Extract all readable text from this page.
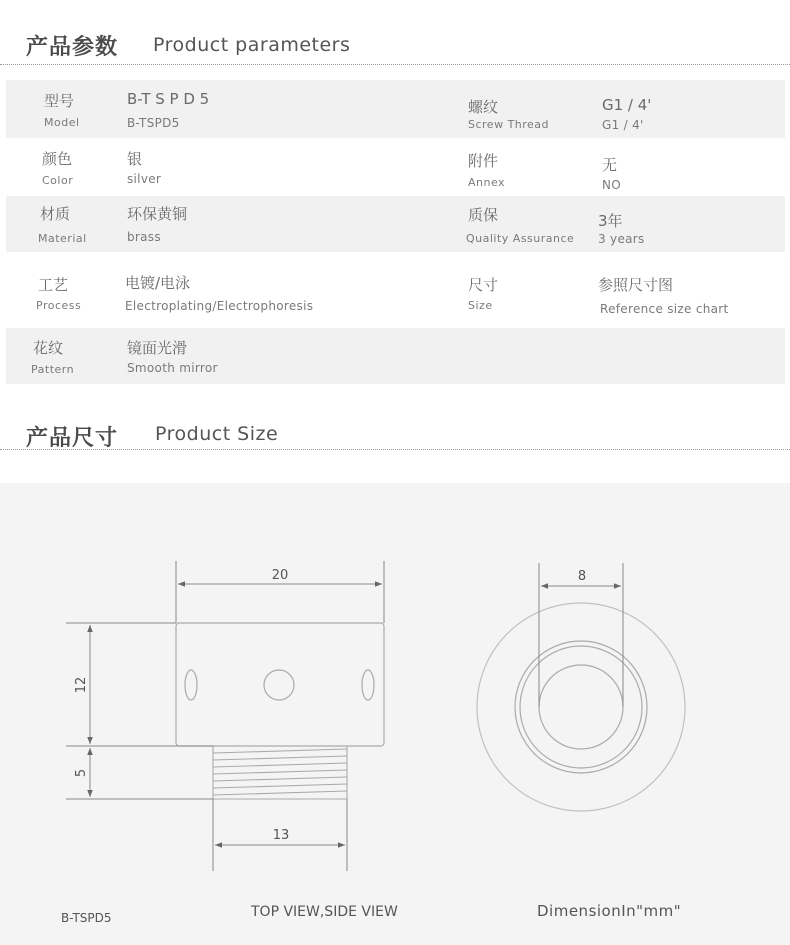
产品参数 Product parameters
型号
Model
B-T S P D 5
B-TSPD5
螺纹
Screw Thread
G1 / 4'
G1 / 4'
颜色
Color
银
silver
附件
Annex
无
NO
材质
Material
环保黄铜
brass
质保
Quality Assurance
3年
3 years
工艺
Process
电镀/电泳
Electroplating/Electrophoresis
尺寸
Size
参照尺寸图
Reference size chart
花纹
Pattern
镜面光滑
Smooth mirror
产品尺寸 Product Size
20
12
5
13
8
B-TSPD5	TOP VIEW,SIDE VIEW	DimensionIn"mm"
